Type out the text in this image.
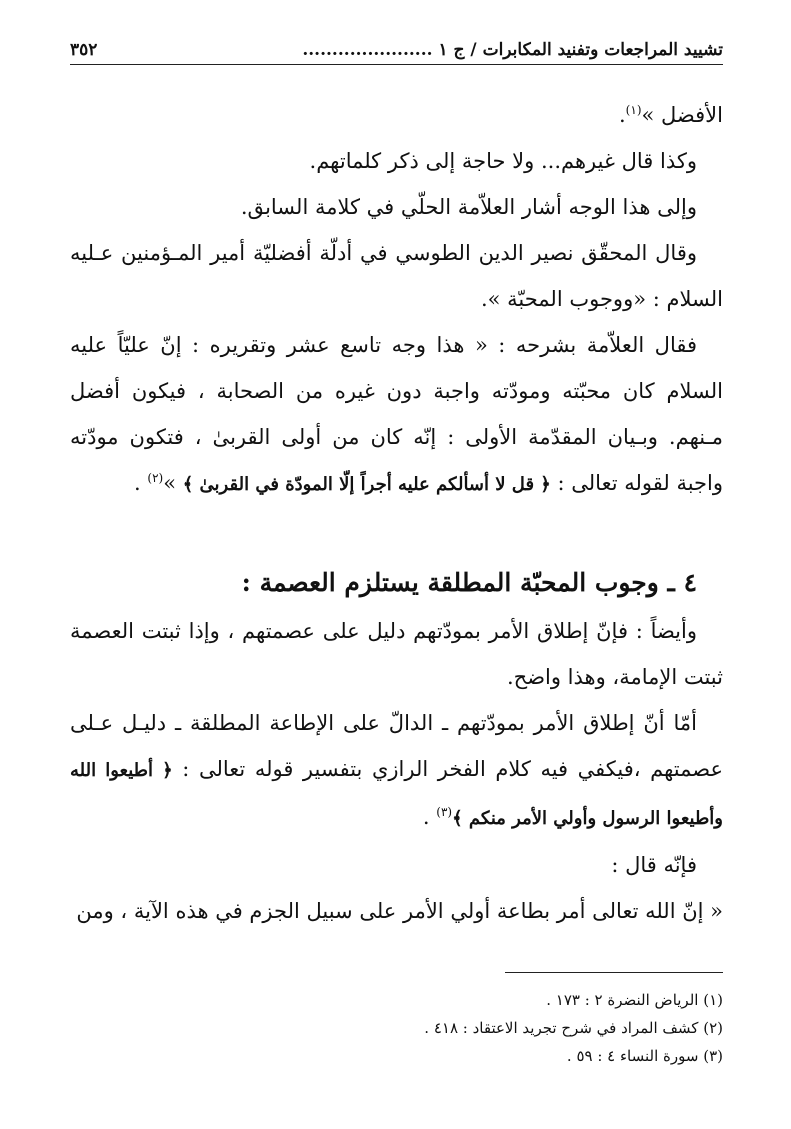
تشييد المراجعات وتفنيد المكابرات / ج ١ ......................
٣٥٢

الأفضل »$^{(١)}$.

وكذا قال غيرهم... ولا حاجة إلى ذكر كلماتهم.

وإلى هذا الوجه أشار العلاّمة الحلّي في كلامة السابق.

وقال المحقّق نصير الدين الطوسي في أدلّة أفضليّة أمير المـؤمنين عـليه السلام : «ووجوب المحبّة ».

فقال العلاّمة بشرحه : « هذا وجه تاسع عشر وتقريره : إنّ عليّاً عليه السلام كان محبّته ومودّته واجبة دون غيره من الصحابة ، فيكون أفضل مـنهم. وبـيان المقدّمة الأولى : إنّه كان من أولى القربىٰ ، فتكون مودّته واجبة لقوله تعالى : ﴿ قل لا أسألكم عليه أجراً إلّا المودّة في القربىٰ ﴾ »$^{(٢)}$ .

٤ ـ وجوب المحبّة المطلقة يستلزم العصمة :

وأيضاً : فإنّ إطلاق الأمر بمودّتهم دليل على عصمتهم ، وإذا ثبتت العصمة ثبتت الإمامة، وهذا واضح.

أمّا أنّ إطلاق الأمر بمودّتهم ـ الدالّ على الإطاعة المطلقة ـ دليـل عـلى عصمتهم ،فيكفي فيه كلام الفخر الرازي بتفسير قوله تعالى : ﴿ أطيعوا الله وأطيعوا الرسول وأولي الأمر منكم ﴾$^{(٣)}$ .

فإنّه قال :

« إنّ الله تعالى أمر بطاعة أولي الأمر على سبيل الجزم في هذه الآية ، ومن

(١) الرياض النضرة ٢ : ١٧٣ .
(٢) كشف المراد في شرح تجريد الاعتقاد : ٤١٨ .
(٣) سورة النساء ٤ : ٥٩ .
